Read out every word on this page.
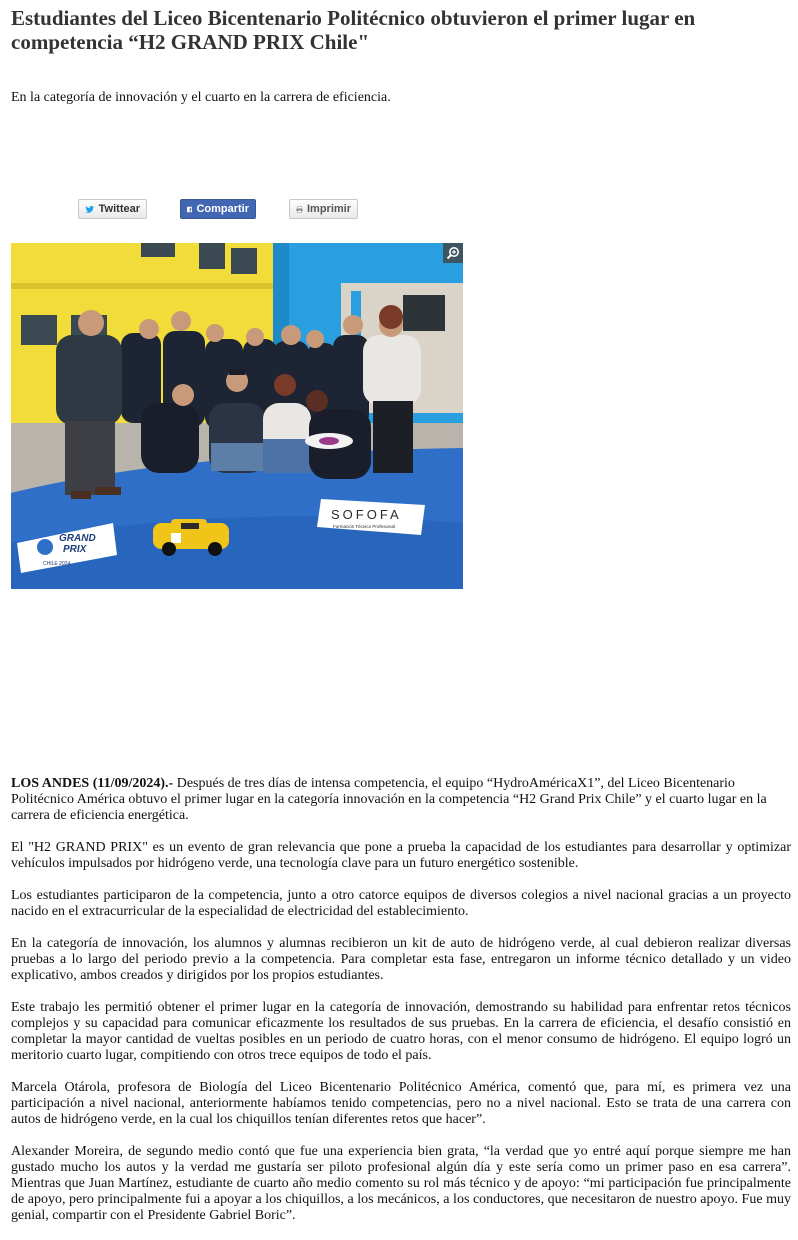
Estudiantes del Liceo Bicentenario Politécnico obtuvieron el primer lugar en competencia “H2 GRAND PRIX Chile"

En la categoría de innovación y el cuarto en la carrera de eficiencia.

Twittear	Compartir	Imprimir
GRAND
PRIX
CHILE 2024
SOFOFA
Formación Técnico Profesional

LOS ANDES (11/09/2024).- Después de tres días de intensa competencia, el equipo “HydroAméricaX1”, del Liceo Bicentenario Politécnico América obtuvo el primer lugar en la categoría innovación en la competencia “H2 Grand Prix Chile” y el cuarto lugar en la carrera de eficiencia energética.

El "H2 GRAND PRIX" es un evento de gran relevancia que pone a prueba la capacidad de los estudiantes para desarrollar y optimizar vehículos impulsados por hidrógeno verde, una tecnología clave para un futuro energético sostenible.

Los estudiantes participaron de la competencia, junto a otro catorce equipos de diversos colegios a nivel nacional gracias a un proyecto nacido en el extracurricular de la especialidad de electricidad del establecimiento.

En la categoría de innovación, los alumnos y alumnas recibieron un kit de auto de hidrógeno verde, al cual debieron realizar diversas pruebas a lo largo del periodo previo a la competencia. Para completar esta fase, entregaron un informe técnico detallado y un video explicativo, ambos creados y dirigidos por los propios estudiantes.

Este trabajo les permitió obtener el primer lugar en la categoría de innovación, demostrando su habilidad para enfrentar retos técnicos complejos y su capacidad para comunicar eficazmente los resultados de sus pruebas. En la carrera de eficiencia, el desafío consistió en completar la mayor cantidad de vueltas posibles en un periodo de cuatro horas, con el menor consumo de hidrógeno. El equipo logró un meritorio cuarto lugar, compitiendo con otros trece equipos de todo el país.

Marcela Otárola, profesora de Biología del Liceo Bicentenario Politécnico América, comentó que, para mí, es primera vez una participación a nivel nacional, anteriormente habíamos tenido competencias, pero no a nivel nacional. Esto se trata de una carrera con autos de hidrógeno verde, en la cual los chiquillos tenían diferentes retos que hacer”.

Alexander Moreira, de segundo medio contó que fue una experiencia bien grata, “la verdad que yo entré aquí porque siempre me han gustado mucho los autos y la verdad me gustaría ser piloto profesional algún día y este sería como un primer paso en esa carrera”. Mientras que Juan Martínez, estudiante de cuarto año medio comento su rol más técnico y de apoyo: “mi participación fue principalmente de apoyo, pero principalmente fui a apoyar a los chiquillos, a los mecánicos, a los conductores, que necesitaron de nuestro apoyo. Fue muy genial, compartir con el Presidente Gabriel Boric”.
